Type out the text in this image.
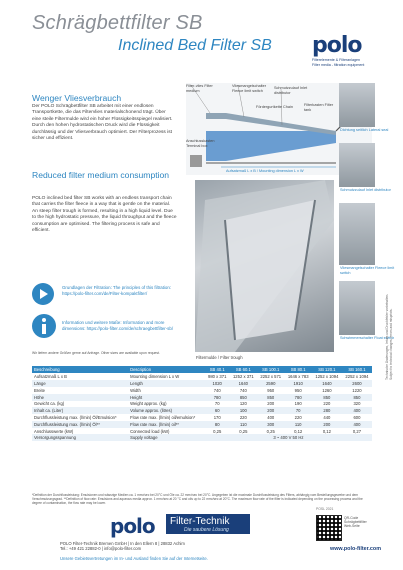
Schrägbettfilter SB
Inclined Bed Filter SB polo
Filterelemente & Filteranlagen
Filter media - filtration equipment
Wenger Vliesverbrauch
Der POLO Schrägbettfilter SB arbeitet mit einer endlosen Transportkette, die das Filtervlies materialschonend trägt. Über eine steile Filtermulde wird ein hoher Flüssigkeitsspiegel realisiert. Durch den hohen hydrostatischen Druck wird die Flüssigkeit durchlässig und der Vliesverbrauch optimiert. Der Filterprozess ist sicher und effizient.
Reduced filter medium consumption
POLO inclined bed filter SB works with an endless transport chain that carries the filter fleece in a way that is gentle on the material. An steep filter trough is formed, resulting in a high liquid level. Due to the high hydrostatic pressure, the liquid throughput and the fleece consumption are optimised. The filtering process is safe and efficient.
Filter-vlies Filter medium
Vliesmangelschalter Fleece limit switch
Schmutzzulauf Inlet distributor
Filterkasten Filter tank
Fördergurtkette Chain
Anschlusskasten Terminal box
Aufsatzmaß L x B / Mounting dimension L x W
Dichtung seitlich Lateral seal
Schmutzzulauf Inlet distributor
Vliesmangelschalter Fleece limit switch
Schwimmerschalter Float switch
Filtermulde / Filter trough
Grundlagen der Filtration: The principles of this filtration: https://polo-filter.com/de/Filter-kompaktfilter/
Information und weitere Maße: Information and more dimensions: https://polo-filter.com/de/schraegbettfilter-sb/
Wir liefern andere Größen gerne auf Anfrage. Other sizes are available upon request.
Beschreibung	Description	SB 40.1	SB 60.1	SB 100.1	SB 80.1	SB 120.1	SB 160.1
Aufsatzmaß L x B	Mounting dimension L x W	980 x 371	1252 x 371	2252 x 571	1646 x 783	1252 x 1094	2252 x 1094
Länge	Length	1020	1640	2590	1910	1640	2600
Breite	Width	740	740	950	950	1260	1220
Höhe	Height	780	850	850	780	850	850
Gewicht ca. (kg)	Weight approx. (kg)	70	120	200	190	220	320
Inhalt ca. (Liter)	Volume approx. (litres)	60	100	200	70	280	400
Durchflussleistung max. (l/min) Öl/Emulsion*	Flow rate max. (l/min) oil/emulsion*	170	220	400	220	440	600
Durchflussleistung max. (l/min) Öl**	Flow rate max. (l/min) oil**	80	110	300	110	200	400
Anschlusswerte (kW)	Connected load (kW)	0,25	0,25	0,25	0,12	0,12	0,27
Versorgungsspannung	Supply voltage	3 ~ 400 V 50 Hz					
*Definition der Durchflussleistung: Emulsionen und wässrige Medien ca. 1 mm²/sec bei 20°C und Öle ca. 22 mm²/sec bei 20°C. Angegeben ist die maximale Durchflussleistung des Filters, abhängig vom Bestellungsgewebe und dem Verschmutzungsgrad. **Definition of flow rate: Emulsions and aqueous media approx. 1 mm²/sec at 20 °C and oils up to 22 mm²/sec at 20°C. The maximum flow rate of the filter is indicated depending on the processing process and the degree of contamination, the flow rate may be lower.
POSL 2021
polo Filter-Technik
Die saubere Lösung
POLO Filter-Technik Bremen GmbH | In den Ellern 8 | 28832 Achim
Tel.: +49 421 22882-0 | info@polo-filter.com
Unsere Gebietsvertretungen im In- und Ausland finden Sie auf der Internetseite.
QR-Code Schrägbettfilter Web-Seite
www.polo-filter.com
Technische Änderungen, Irrtum und Druckfehler vorbehalten. Subject to technical changes, errors and misprints.
